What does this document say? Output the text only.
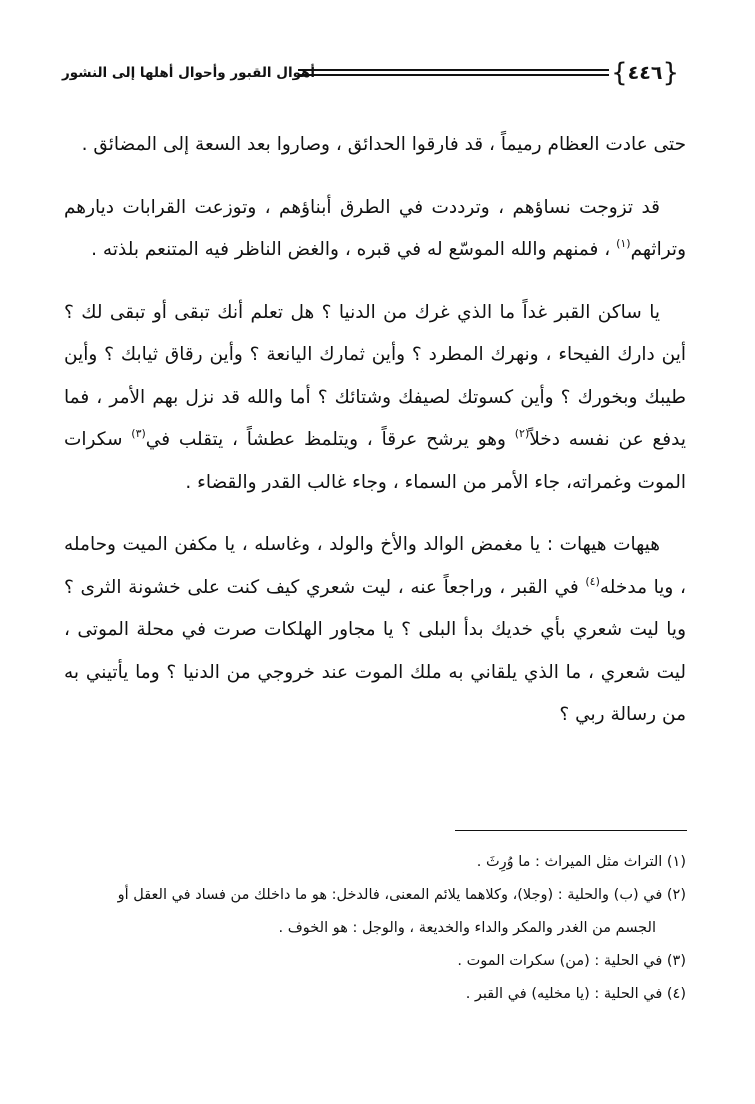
{٤٤٦}
أهوال القبور وأحوال أهلها إلى النشور

حتى عادت العظام رميماً ، قد فارقوا الحدائق ، وصاروا بعد السعة إلى المضائق .

قد تزوجت نساؤهم ، وترددت في الطرق أبناؤهم ، وتوزعت القرابات ديارهم وتراثهم$^{(١)}$ ، فمنهم والله الموسّع له في قبره ، والغض الناظر فيه المتنعم بلذته .

يا ساكن القبر غداً ما الذي غرك من الدنيا ؟ هل تعلم أنك تبقى أو تبقى لك ؟ أين دارك الفيحاء ، ونهرك المطرد ؟ وأين ثمارك اليانعة ؟ وأين رقاق ثيابك ؟ وأين طيبك وبخورك ؟ وأين كسوتك لصيفك وشتائك ؟ أما والله قد نزل بهم الأمر ، فما يدفع عن نفسه دخلاً$^{(٢)}$ وهو يرشح عرقاً ، ويتلمظ عطشاً ، يتقلب في$^{(٣)}$ سكرات الموت وغمراته، جاء الأمر من السماء ، وجاء غالب القدر والقضاء .

هيهات هيهات : يا مغمض الوالد والأخ والولد ، وغاسله ، يا مكفن الميت وحامله ، ويا مدخله$^{(٤)}$ في القبر ، وراجعاً عنه ، ليت شعري كيف كنت على خشونة الثرى ؟ ويا ليت شعري بأي خديك بدأ البلى ؟ يا مجاور الهلكات صرت في محلة الموتى ، ليت شعري ، ما الذي يلقاني به ملك الموت عند خروجي من الدنيا ؟ وما يأتيني به من رسالة ربي ؟

(١) التراث مثل الميراث : ما وُرِثَ .
(٢) في (ب) والحلية : (وجلا)، وكلاهما يلائم المعنى، فالدخل: هو ما داخلك من فساد في العقل أو
الجسم من الغدر والمكر والداء والخديعة ، والوجل : هو الخوف .
(٣) في الحلية : (من) سكرات الموت .
(٤) في الحلية : (يا مخليه) في القبر .
